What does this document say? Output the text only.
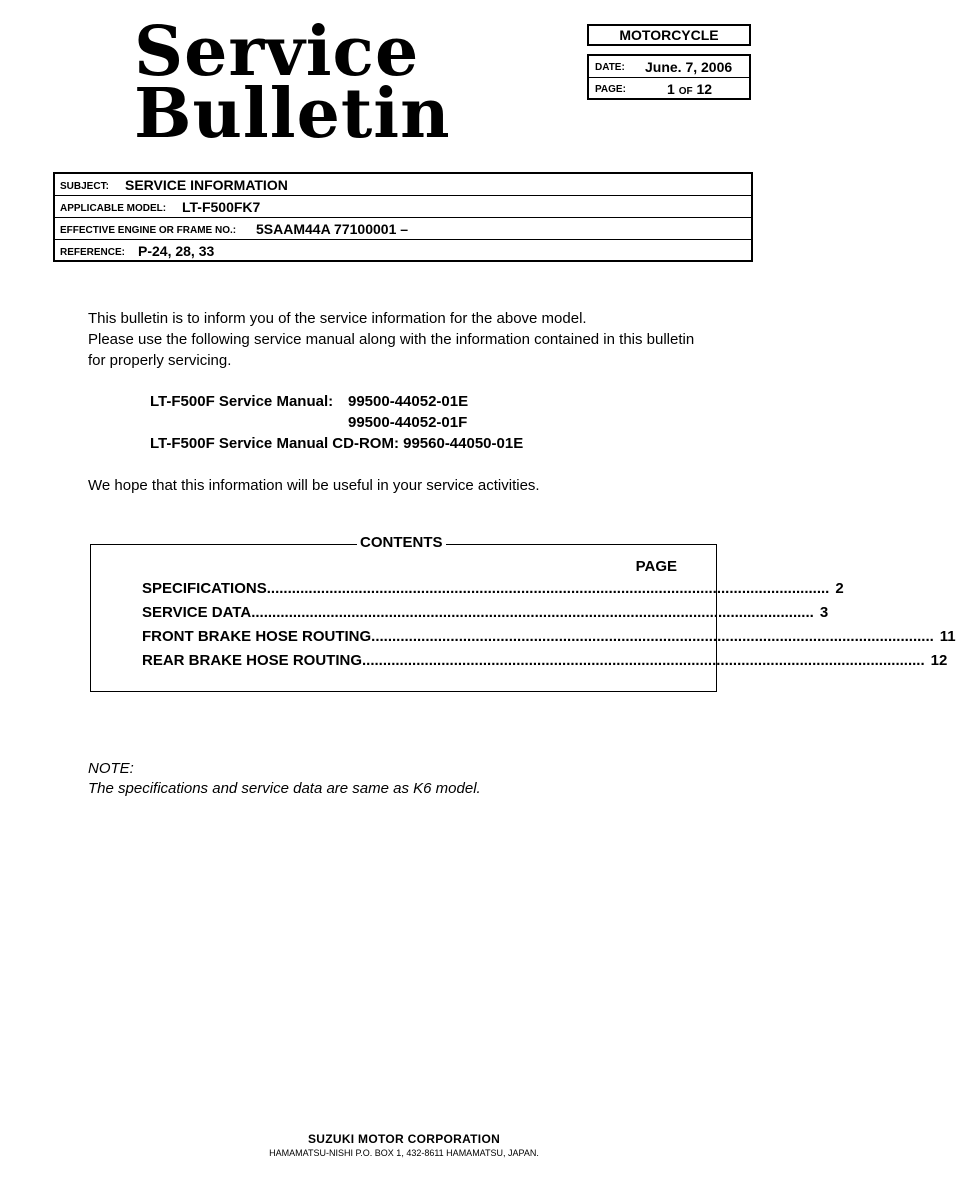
Service
Bulletin
MOTORCYCLE
DATE: June. 7, 2006
PAGE:	1 OF 12
SUBJECT: SERVICE INFORMATION
APPLICABLE MODEL: LT-F500FK7
EFFECTIVE ENGINE OR FRAME NO.: 5SAAM44A 77100001 –
REFERENCE: P-24, 28, 33
This bulletin is to inform you of the service information for the above model.
Please use the following service manual along with the information contained in this bulletin
for properly servicing.
LT-F500F Service Manual: 99500-44052-01E
99500-44052-01F
LT-F500F Service Manual CD-ROM: 99560-44050-01E
We hope that this information will be useful in your service activities.
CONTENTS
PAGE
SPECIFICATIONS ....................................................................................................................................... 2
SERVICE DATA ....................................................................................................................................... 3
FRONT BRAKE HOSE ROUTING ....................................................................................................................................... 11
REAR BRAKE HOSE ROUTING ....................................................................................................................................... 12
NOTE:
The specifications and service data are same as K6 model.
SUZUKI MOTOR CORPORATION
HAMAMATSU-NISHI P.O. BOX 1, 432-8611 HAMAMATSU, JAPAN.
